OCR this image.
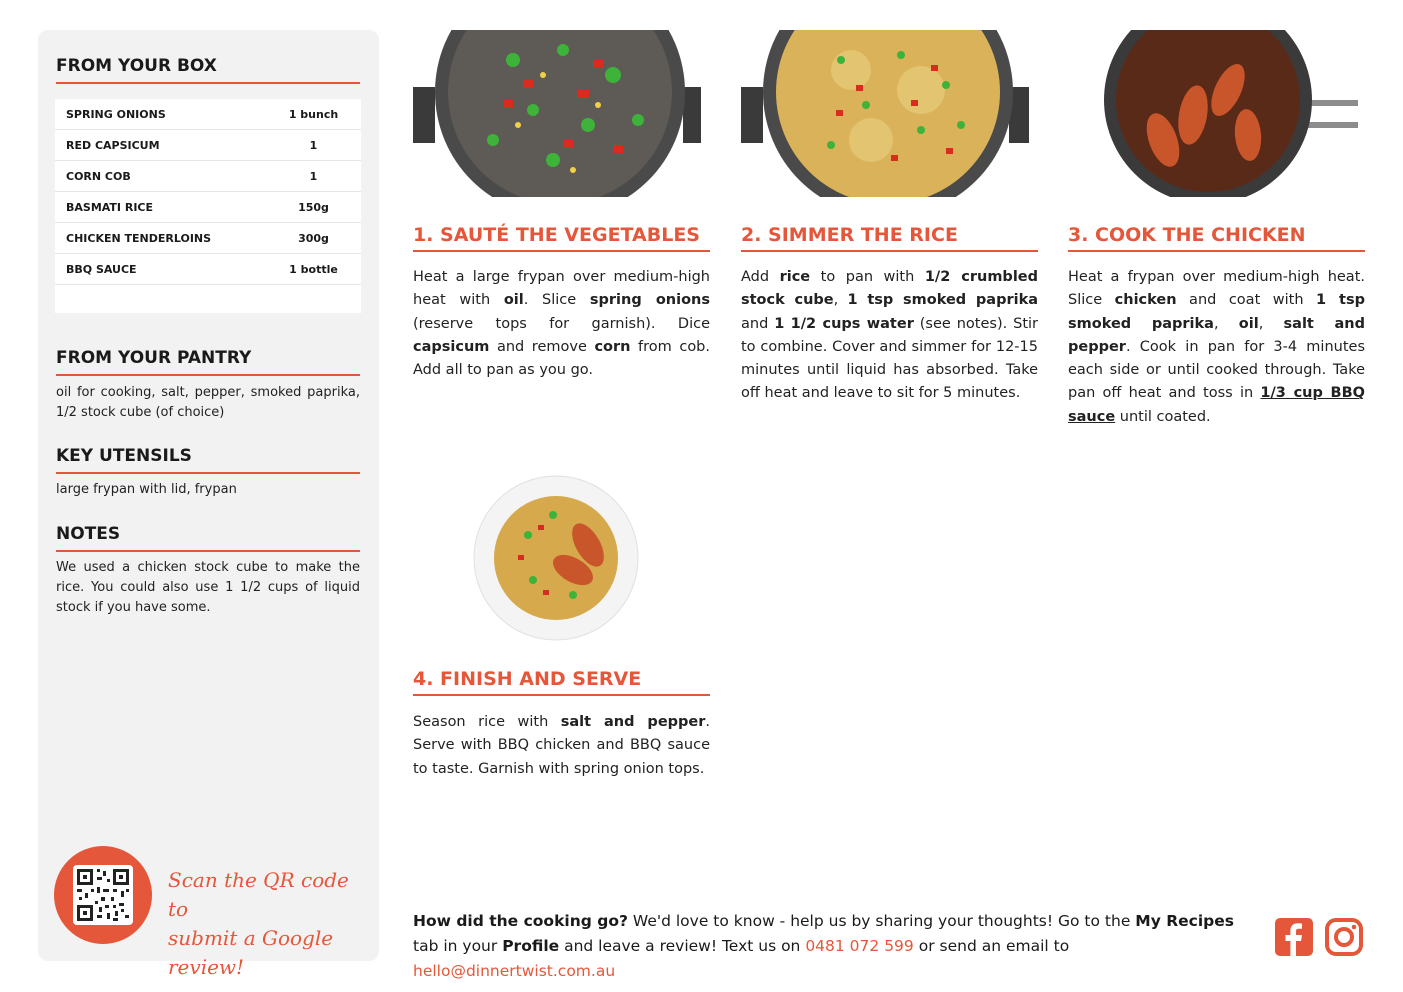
FROM YOUR BOX
SPRING ONIONS	1 bunch
RED CAPSICUM	1
CORN COB	1
BASMATI RICE	150g
CHICKEN TENDERLOINS	300g
BBQ SAUCE	1 bottle
FROM YOUR PANTRY
oil for cooking, salt, pepper, smoked paprika, 1/2 stock cube (of choice)
KEY UTENSILS
large frypan with lid, frypan
NOTES
We used a chicken stock cube to make the rice. You could also use 1 1/2 cups of liquid stock if you have some.
Scan the QR code to
submit a Google review!
1. SAUTÉ THE VEGETABLES
Heat a large frypan over medium-high heat with oil. Slice spring onions (reserve tops for garnish). Dice capsicum and remove corn from cob. Add all to pan as you go.
2. SIMMER THE RICE
Add rice to pan with 1/2 crumbled stock cube, 1 tsp smoked paprika and 1 1/2 cups water (see notes). Stir to combine. Cover and simmer for 12-15 minutes until liquid has absorbed. Take off heat and leave to sit for 5 minutes.
3. COOK THE CHICKEN
Heat a frypan over medium-high heat. Slice chicken and coat with 1 tsp smoked paprika, oil, salt and pepper. Cook in pan for 3-4 minutes each side or until cooked through. Take pan off heat and toss in 1/3 cup BBQ sauce until coated.
4. FINISH AND SERVE
Season rice with salt and pepper. Serve with BBQ chicken and BBQ sauce to taste. Garnish with spring onion tops.
How did the cooking go? We'd love to know - help us by sharing your thoughts! Go to the My Recipes tab in your Profile and leave a review! Text us on 0481 072 599 or send an email to hello@dinnertwist.com.au
